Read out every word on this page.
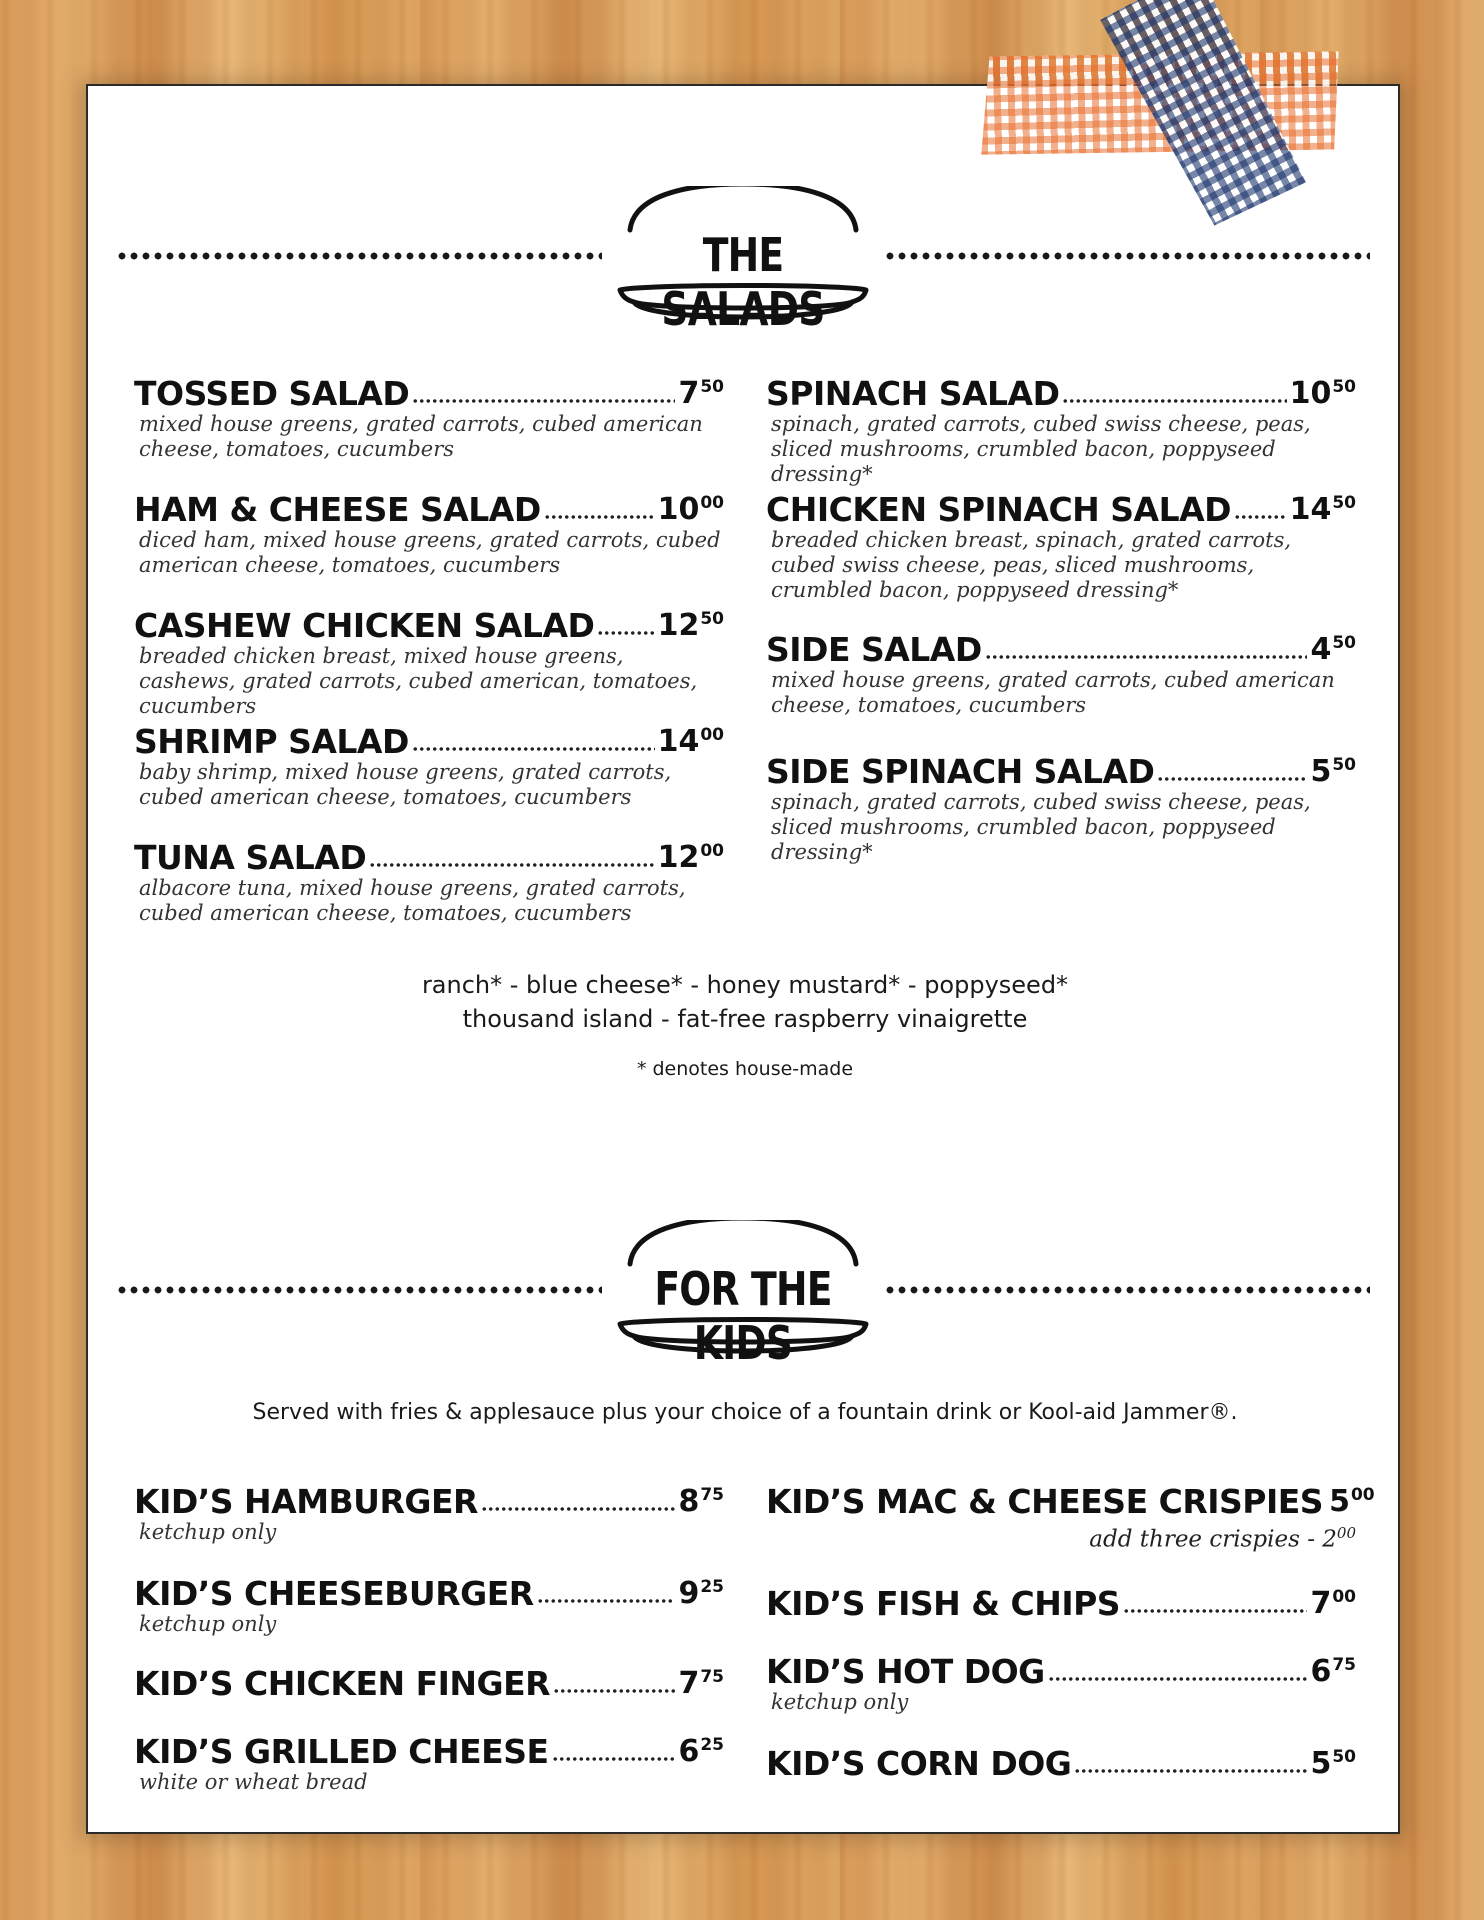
THE SALADS
TOSSED SALAD	$7^{50}$
mixed house greens, grated carrots, cubed american cheese, tomatoes, cucumbers
HAM & CHEESE SALAD	$10^{00}$
diced ham, mixed house greens, grated carrots, cubed american cheese, tomatoes, cucumbers
CASHEW CHICKEN SALAD $12^{50}$
breaded chicken breast, mixed house greens, cashews, grated carrots, cubed american, tomatoes, cucumbers
SHRIMP SALAD	$14^{00}$
baby shrimp, mixed house greens, grated carrots, cubed american cheese, tomatoes, cucumbers
TUNA SALAD	$12^{00}$
albacore tuna, mixed house greens, grated carrots, cubed american cheese, tomatoes, cucumbers
SPINACH SALAD	$10^{50}$
spinach, grated carrots, cubed swiss cheese, peas, sliced mushrooms, crumbled bacon, poppyseed dressing*
CHICKEN SPINACH SALAD $14^{50}$
breaded chicken breast, spinach, grated carrots, cubed swiss cheese, peas, sliced mushrooms, crumbled bacon, poppyseed dressing*
SIDE SALAD	$4^{50}$
mixed house greens, grated carrots, cubed american cheese, tomatoes, cucumbers
SIDE SPINACH SALAD	$5^{50}$
spinach, grated carrots, cubed swiss cheese, peas, sliced mushrooms, crumbled bacon, poppyseed dressing*
ranch* - blue cheese* - honey mustard* - poppyseed*
thousand island - fat-free raspberry vinaigrette
* denotes house-made
FOR THE KIDS
Served with fries & applesauce plus your choice of a fountain drink or Kool-aid Jammer®.
KID’S HAMBURGER	$8^{75}$
ketchup only
KID’S CHEESEBURGER	$9^{25}$
ketchup only
KID’S CHICKEN FINGER	$7^{75}$
KID’S GRILLED CHEESE	$6^{25}$
white or wheat bread
KID’S MAC & CHEESE CRISPIES $5^{00}$
add three crispies - $2^{00}$
KID’S FISH & CHIPS	$7^{00}$
KID’S HOT DOG	$6^{75}$
ketchup only
KID’S CORN DOG	$5^{50}$
